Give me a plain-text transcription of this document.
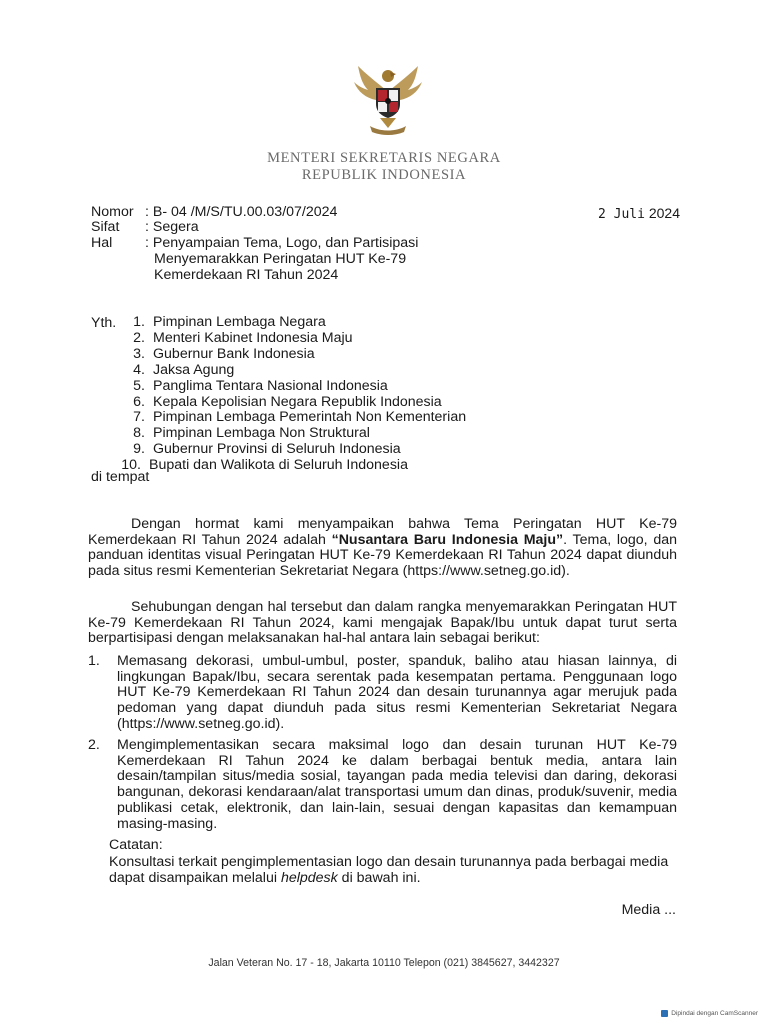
MENTERI SEKRETARIS NEGARA
REPUBLIK INDONESIA
Nomor : B- 04 /M/S/TU.00.03/07/2024
Sifat : Segera
Hal : Penyampaian Tema, Logo, dan Partisipasi
Menyemarakkan Peringatan HUT Ke-79
Kemerdekaan RI Tahun 2024
2 Juli 2024
Yth.	1. Pimpinan Lembaga Negara
2. Menteri Kabinet Indonesia Maju
3. Gubernur Bank Indonesia
4. Jaksa Agung
5. Panglima Tentara Nasional Indonesia
6. Kepala Kepolisian Negara Republik Indonesia
7. Pimpinan Lembaga Pemerintah Non Kementerian
8. Pimpinan Lembaga Non Struktural
9. Gubernur Provinsi di Seluruh Indonesia
10. Bupati dan Walikota di Seluruh Indonesia
di tempat
Dengan hormat kami menyampaikan bahwa Tema Peringatan HUT Ke-79 Kemerdekaan RI Tahun 2024 adalah “Nusantara Baru Indonesia Maju”. Tema, logo, dan panduan identitas visual Peringatan HUT Ke-79 Kemerdekaan RI Tahun 2024 dapat diunduh pada situs resmi Kementerian Sekretariat Negara (https://www.setneg.go.id).
Sehubungan dengan hal tersebut dan dalam rangka menyemarakkan Peringatan HUT Ke-79 Kemerdekaan RI Tahun 2024, kami mengajak Bapak/Ibu untuk dapat turut serta berpartisipasi dengan melaksanakan hal-hal antara lain sebagai berikut:
1. Memasang dekorasi, umbul-umbul, poster, spanduk, baliho atau hiasan lainnya, di lingkungan Bapak/Ibu, secara serentak pada kesempatan pertama. Penggunaan logo HUT Ke-79 Kemerdekaan RI Tahun 2024 dan desain turunannya agar merujuk pada pedoman yang dapat diunduh pada situs resmi Kementerian Sekretariat Negara (https://www.setneg.go.id).
2. Mengimplementasikan secara maksimal logo dan desain turunan HUT Ke-79 Kemerdekaan RI Tahun 2024 ke dalam berbagai bentuk media, antara lain desain/tampilan situs/media sosial, tayangan pada media televisi dan daring, dekorasi bangunan, dekorasi kendaraan/alat transportasi umum dan dinas, produk/suvenir, media publikasi cetak, elektronik, dan lain-lain, sesuai dengan kapasitas dan kemampuan masing-masing.
Catatan:
Konsultasi terkait pengimplementasian logo dan desain turunannya pada berbagai media dapat disampaikan melalui helpdesk di bawah ini.
Media ...
Jalan Veteran No. 17 - 18, Jakarta 10110 Telepon (021) 3845627, 3442327
Dipindai dengan CamScanner
